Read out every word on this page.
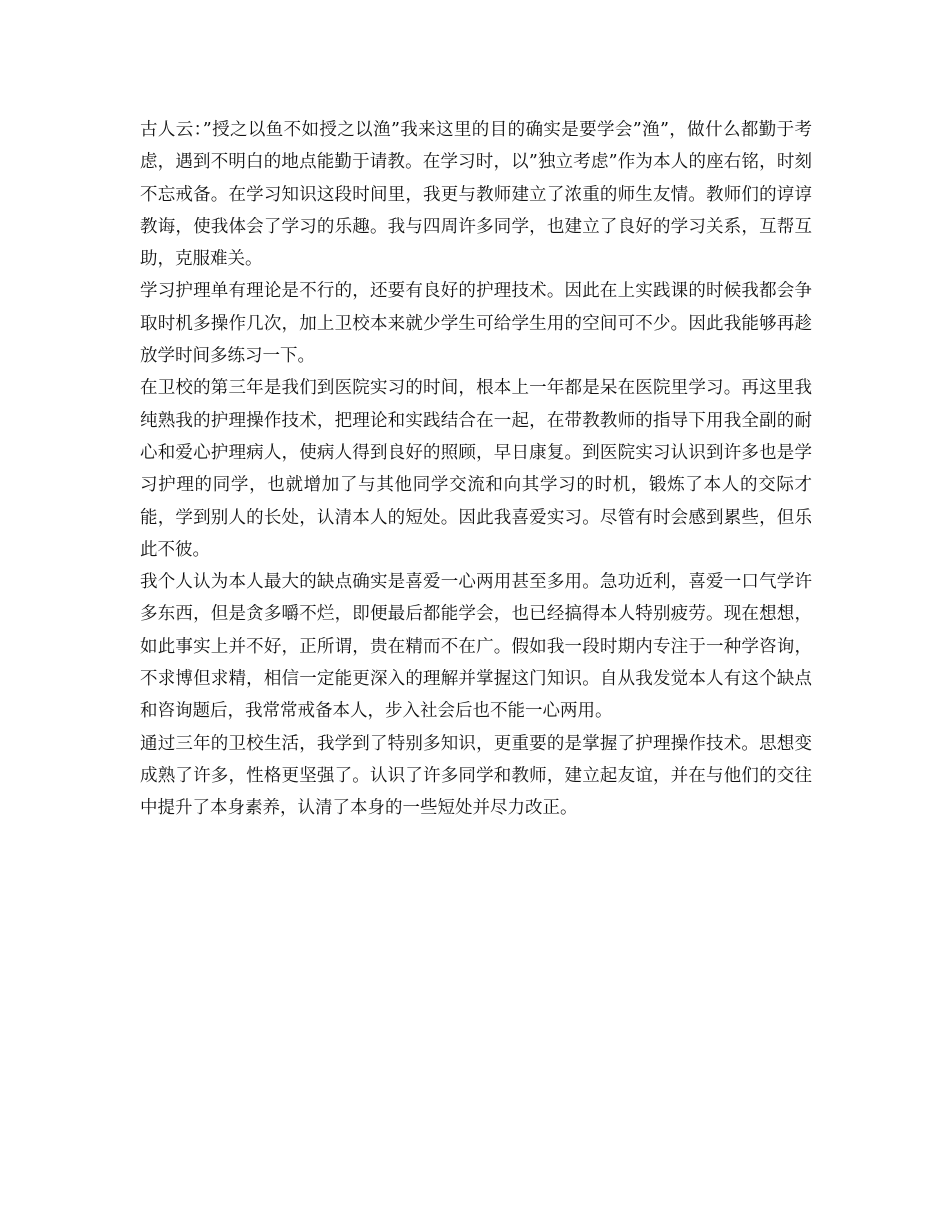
古人云：”授之以鱼不如授之以渔”我来这里的目的确实是要学会”渔”，做什么都勤于考虑，遇到不明白的地点能勤于请教。在学习时，以”独立考虑”作为本人的座右铭，时刻不忘戒备。在学习知识这段时间里，我更与教师建立了浓重的师生友情。教师们的谆谆教诲，使我体会了学习的乐趣。我与四周许多同学，也建立了良好的学习关系，互帮互助，克服难关。

学习护理单有理论是不行的，还要有良好的护理技术。因此在上实践课的时候我都会争取时机多操作几次，加上卫校本来就少学生可给学生用的空间可不少。因此我能够再趁放学时间多练习一下。

在卫校的第三年是我们到医院实习的时间，根本上一年都是呆在医院里学习。再这里我纯熟我的护理操作技术，把理论和实践结合在一起，在带教教师的指导下用我全副的耐心和爱心护理病人，使病人得到良好的照顾，早日康复。到医院实习认识到许多也是学习护理的同学，也就增加了与其他同学交流和向其学习的时机，锻炼了本人的交际才能，学到别人的长处，认清本人的短处。因此我喜爱实习。尽管有时会感到累些，但乐此不彼。

我个人认为本人最大的缺点确实是喜爱一心两用甚至多用。急功近利，喜爱一口气学许多东西，但是贪多嚼不烂，即便最后都能学会，也已经搞得本人特别疲劳。现在想想，如此事实上并不好，正所谓，贵在精而不在广。假如我一段时期内专注于一种学咨询，不求博但求精，相信一定能更深入的理解并掌握这门知识。自从我发觉本人有这个缺点和咨询题后，我常常戒备本人，步入社会后也不能一心两用。

通过三年的卫校生活，我学到了特别多知识，更重要的是掌握了护理操作技术。思想变成熟了许多，性格更坚强了。认识了许多同学和教师，建立起友谊，并在与他们的交往中提升了本身素养，认清了本身的一些短处并尽力改正。
